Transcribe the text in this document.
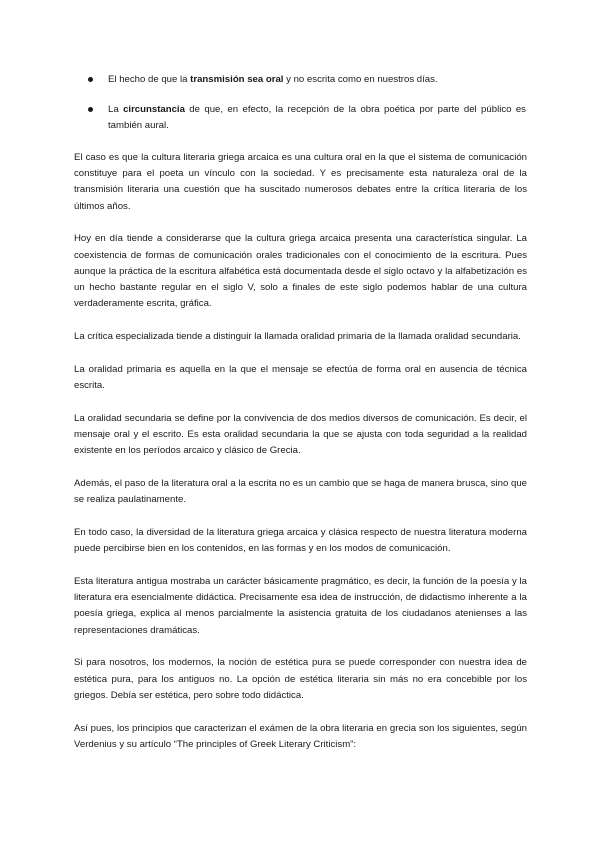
El hecho de que la transmisión sea oral y no escrita como en nuestros días.
La circunstancia de que, en efecto, la recepción de la obra poética por parte del público es también aural.

El caso es que la cultura literaria griega arcaica es una cultura oral en la que el sistema de comunicación constituye para el poeta un vínculo con la sociedad. Y es precisamente esta naturaleza oral de la transmisión literaria una cuestión que ha suscitado numerosos debates entre la crítica literaria de los últimos años.

Hoy en día tiende a considerarse que la cultura griega arcaica presenta una característica singular. La coexistencia de formas de comunicación orales tradicionales con el conocimiento de la escritura. Pues aunque la práctica de la escritura alfabética está documentada desde el siglo octavo y la alfabetización es un hecho bastante regular en el siglo V, solo a finales de este siglo podemos hablar de una cultura verdaderamente escrita, gráfica.

La crítica especializada tiende a distinguir la llamada oralidad primaria de la llamada oralidad secundaria.

La oralidad primaria es aquella en la que el mensaje se efectúa de forma oral en ausencia de técnica escrita.

La oralidad secundaria se define por la convivencia de dos medios diversos de comunicación. Es decir, el mensaje oral y el escrito. Es esta oralidad secundaria la que se ajusta con toda seguridad a la realidad existente en los períodos arcaico y clásico de Grecia.

Además, el paso de la literatura oral a la escrita no es un cambio que se haga de manera brusca, sino que se realiza paulatinamente.

En todo caso, la diversidad de la literatura griega arcaica y clásica respecto de nuestra literatura moderna puede percibirse bien en los contenidos, en las formas y en los modos de comunicación.

Esta literatura antigua mostraba un carácter básicamente pragmático, es decir, la función de la poesía y la literatura era esencialmente didáctica. Precisamente esa idea de instrucción, de didactismo inherente a la poesía griega, explica al menos parcialmente la asistencia gratuita de los ciudadanos atenienses a las representaciones dramáticas.

Si para nosotros, los modernos, la noción de estética pura se puede corresponder con nuestra idea de estética pura, para los antiguos no. La opción de estética literaria sin más no era concebible por los griegos. Debía ser estética, pero sobre todo didáctica.

Así pues, los principios que caracterizan el exámen de la obra literaria en grecia son los siguientes, según Verdenius y su artículo “The principles of Greek Literary Criticism”:
